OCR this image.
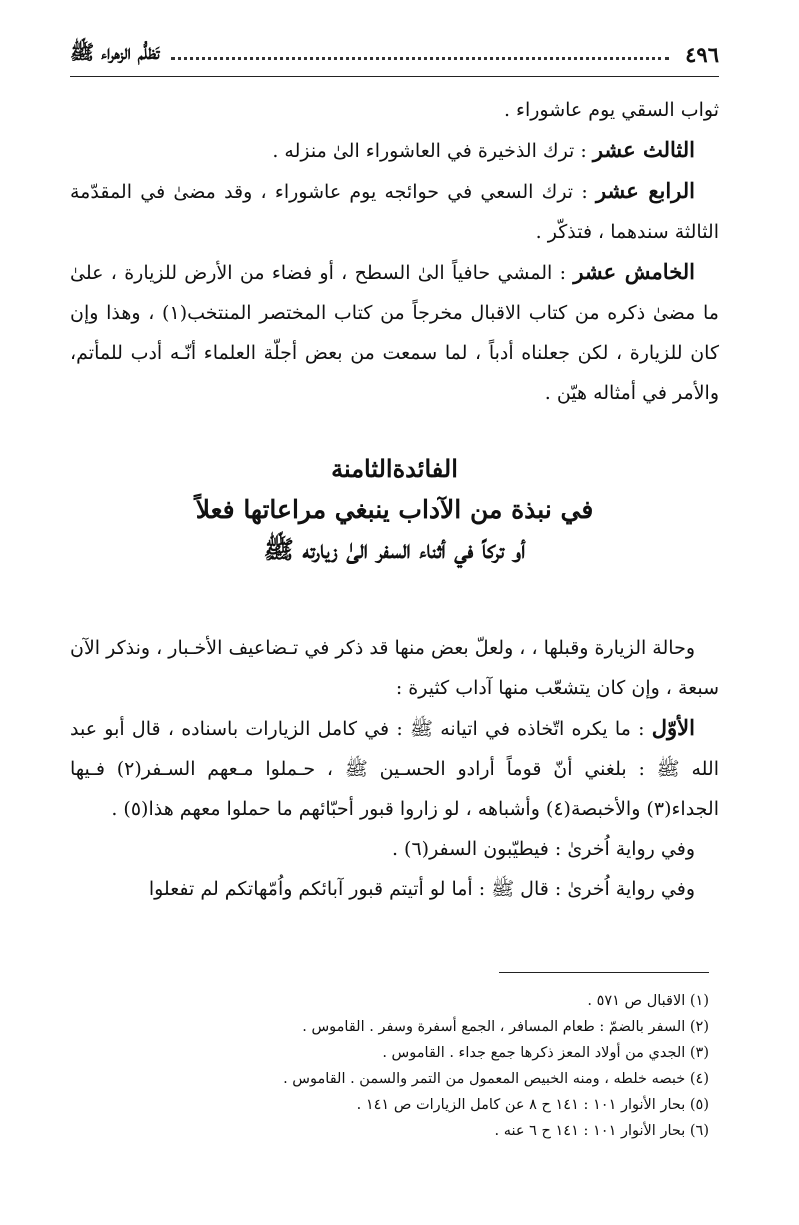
٤٩٦
تَظلُّم الزهراء ﷺ

ثواب السقي يوم عاشوراء .

الثالث عشر : ترك الذخيرة في العاشوراء الىٰ منزله .

الرابع عشر : ترك السعي في حوائجه يوم عاشوراء ، وقد مضىٰ في المقدّمة الثالثة سندهما ، فتذكّر .

الخامش عشر : المشي حافياً الىٰ السطح ، أو فضاء من الأرض للزيارة ، علىٰ ما مضىٰ ذكره من كتاب الاقبال مخرجاً من كتاب المختصر المنتخب(١) ، وهذا وإن كان للزيارة ، لكن جعلناه أدباً ، لما سمعت من بعض أجلّة العلماء أنّـه أدب للمأتم، والأمر في أمثاله هيّن .

الفائدةالثامنة
في نبذة من الآداب ينبغي مراعاتها فعلاً
أو تركاً في أثناء السفر الىٰ زيارته ﷺ

وحالة الزيارة وقبلها ، ، ولعلّ بعض منها قد ذكر في تـضاعيف الأخـبار ، ونذكر الآن سبعة ، وإن كان يتشعّب منها آداب كثيرة :

الأوّل : ما يكره اتّخاذه في اتيانه ﷺ : في كامل الزيارات باسناده ، قال أبو عبد الله ﷺ : بلغني أنّ قوماً أرادو الحسـين ﷺ ، حـملوا مـعهم السـفر(٢) فـيها الجداء(٣) والأخبصة(٤) وأشباهه ، لو زاروا قبور أحبّائهم ما حملوا معهم هذا(٥) .

وفي رواية اُخرىٰ : فيطيّبون السفر(٦) .

وفي رواية اُخرىٰ : قال ﷺ : أما لو أتيتم قبور آبائكم واُمّهاتكم لم تفعلوا

(١) الاقبال ص ٥٧١ .
(٢) السفر بالضمّ : طعام المسافر ، الجمع أسفرة وسفر . القاموس .
(٣) الجدي من أولاد المعز ذكرها جمع جداء . القاموس .
(٤) خبصه خلطه ، ومنه الخبيص المعمول من التمر والسمن . القاموس .
(٥) بحار الأنوار ١٠١ : ١٤١ ح ٨ عن كامل الزيارات ص ١٤١ .
(٦) بحار الأنوار ١٠١ : ١٤١ ح ٦ عنه .
